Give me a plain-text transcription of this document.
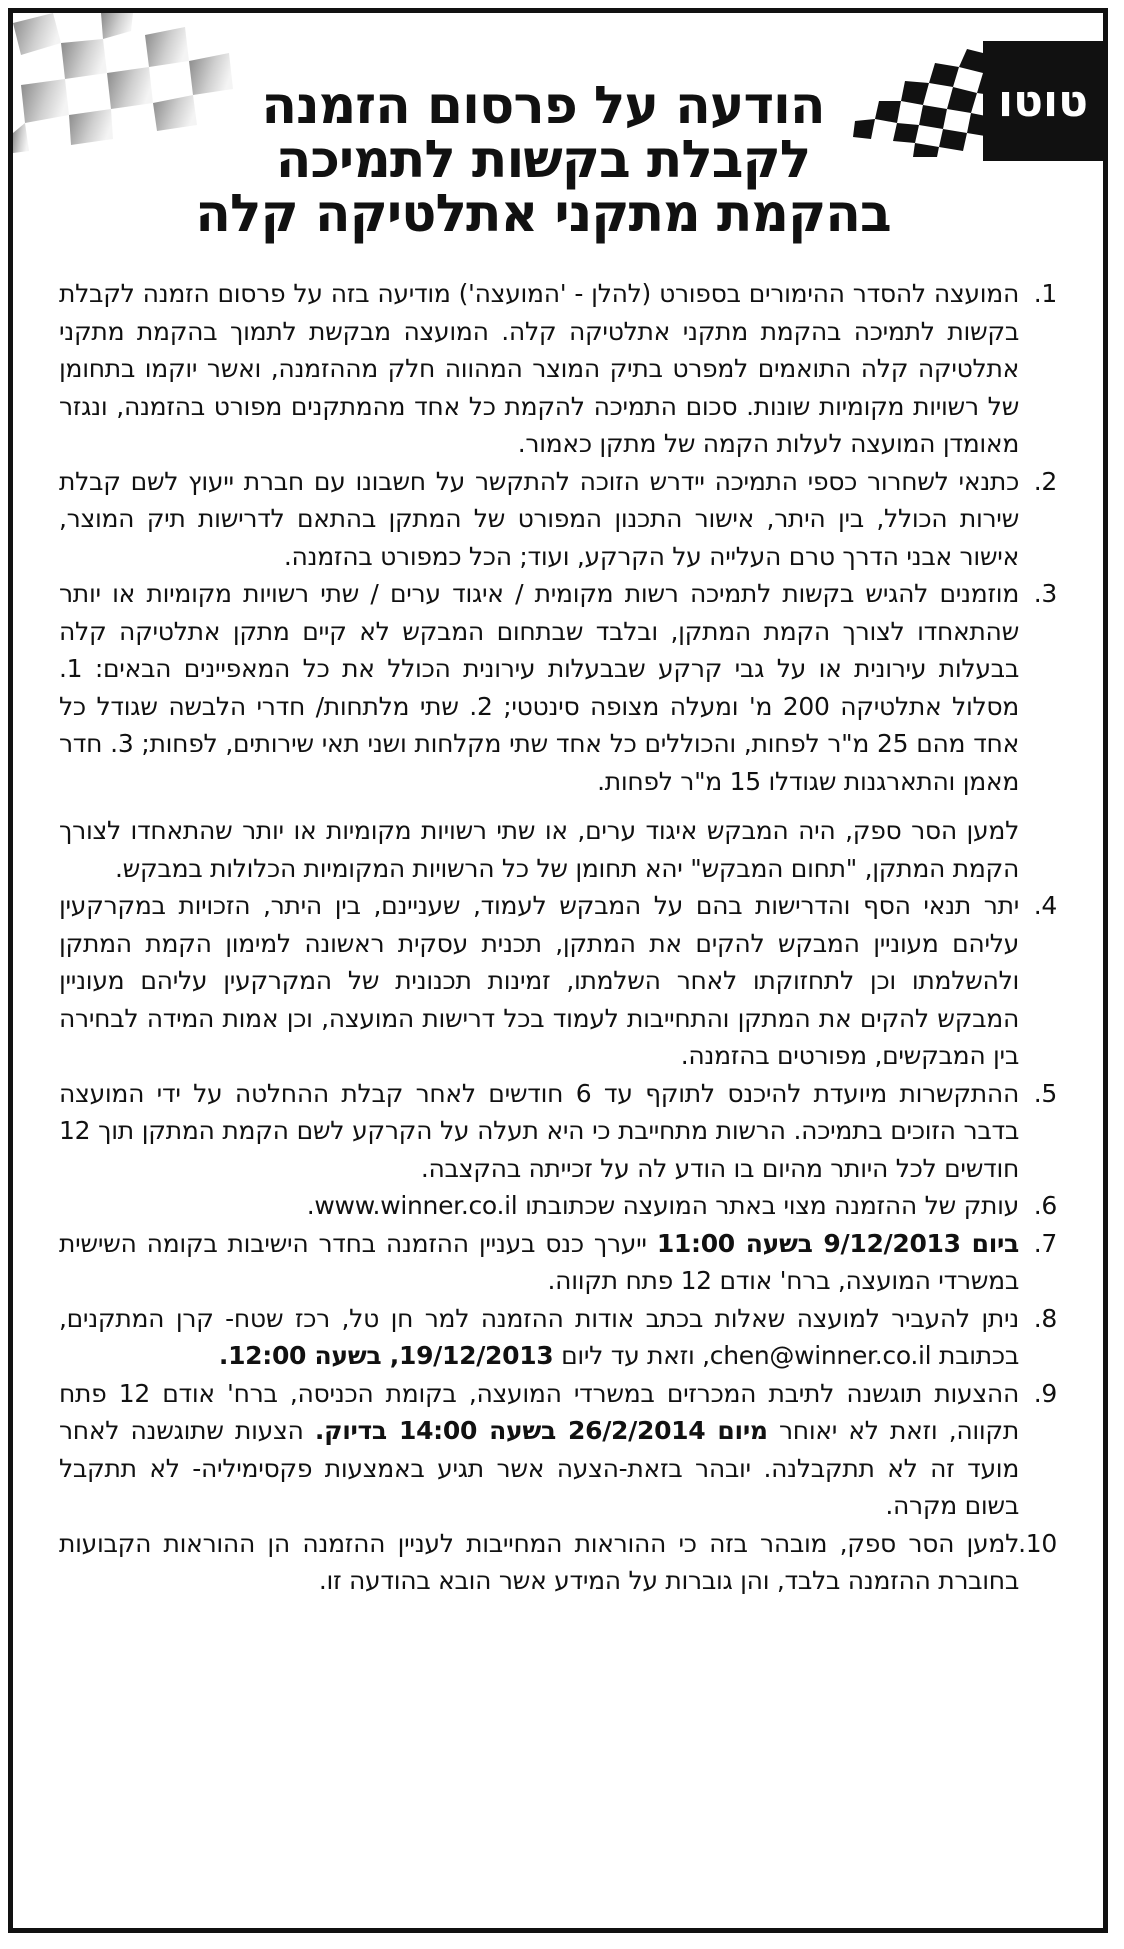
טוטו
הודעה על פרסום הזמנה
לקבלת בקשות לתמיכה
בהקמת מתקני אתלטיקה קלה
1.
המועצה להסדר ההימורים בספורט (להלן - 'המועצה') מודיעה בזה על פרסום הזמנה לקבלת בקשות לתמיכה בהקמת מתקני אתלטיקה קלה. המועצה מבקשת לתמוך בהקמת מתקני אתלטיקה קלה התואמים למפרט בתיק המוצר המהווה חלק מההזמנה, ואשר יוקמו בתחומן של רשויות מקומיות שונות. סכום התמיכה להקמת כל אחד מהמתקנים מפורט בהזמנה, ונגזר מאומדן המועצה לעלות הקמה של מתקן כאמור.
2.
כתנאי לשחרור כספי התמיכה יידרש הזוכה להתקשר על חשבונו עם חברת ייעוץ לשם קבלת שירות הכולל, בין היתר, אישור התכנון המפורט של המתקן בהתאם לדרישות תיק המוצר, אישור אבני הדרך טרם העלייה על הקרקע, ועוד; הכל כמפורט בהזמנה.
3.
מוזמנים להגיש בקשות לתמיכה רשות מקומית / איגוד ערים / שתי רשויות מקומיות או יותר שהתאחדו לצורך הקמת המתקן, ובלבד שבתחום המבקש לא קיים מתקן אתלטיקה קלה בבעלות עירונית או על גבי קרקע שבבעלות עירונית הכולל את כל המאפיינים הבאים: 1. מסלול אתלטיקה 200 מ' ומעלה מצופה סינטטי; 2. שתי מלתחות/ חדרי הלבשה שגודל כל אחד מהם 25 מ"ר לפחות, והכוללים כל אחד שתי מקלחות ושני תאי שירותים, לפחות; 3. חדר מאמן והתארגנות שגודלו 15 מ"ר לפחות.

למען הסר ספק, היה המבקש איגוד ערים, או שתי רשויות מקומיות או יותר שהתאחדו לצורך הקמת המתקן, "תחום המבקש" יהא תחומן של כל הרשויות המקומיות הכלולות במבקש.

4.
יתר תנאי הסף והדרישות בהם על המבקש לעמוד, שעניינם, בין היתר, הזכויות במקרקעין עליהם מעוניין המבקש להקים את המתקן, תכנית עסקית ראשונה למימון הקמת המתקן ולהשלמתו וכן לתחזוקתו לאחר השלמתו, זמינות תכנונית של המקרקעין עליהם מעוניין המבקש להקים את המתקן והתחייבות לעמוד בכל דרישות המועצה, וכן אמות המידה לבחירה בין המבקשים, מפורטים בהזמנה.
5.
ההתקשרות מיועדת להיכנס לתוקף עד 6 חודשים לאחר קבלת ההחלטה על ידי המועצה בדבר הזוכים בתמיכה. הרשות מתחייבת כי היא תעלה על הקרקע לשם הקמת המתקן תוך 12 חודשים לכל היותר מהיום בו הודע לה על זכייתה בהקצבה.
6.
עותק של ההזמנה מצוי באתר המועצה שכתובתו www.winner.co.il.
7.
ביום 9/12/2013 בשעה 11:00 ייערך כנס בעניין ההזמנה בחדר הישיבות בקומה השישית במשרדי המועצה, ברח' אודם 12 פתח תקווה.
8.
ניתן להעביר למועצה שאלות בכתב אודות ההזמנה למר חן טל, רכז שטח- קרן המתקנים, בכתובת chen@winner.co.il, וזאת עד ליום 19/12/2013, בשעה 12:00.
9.
ההצעות תוגשנה לתיבת המכרזים במשרדי המועצה, בקומת הכניסה, ברח' אודם 12 פתח תקווה, וזאת לא יאוחר מיום 26/2/2014 בשעה 14:00 בדיוק. הצעות שתוגשנה לאחר מועד זה לא תתקבלנה. יובהר בזאת-הצעה אשר תגיע באמצעות פקסימיליה- לא תתקבל בשום מקרה.
10.
למען הסר ספק, מובהר בזה כי ההוראות המחייבות לעניין ההזמנה הן ההוראות הקבועות בחוברת ההזמנה בלבד, והן גוברות על המידע אשר הובא בהודעה זו.
